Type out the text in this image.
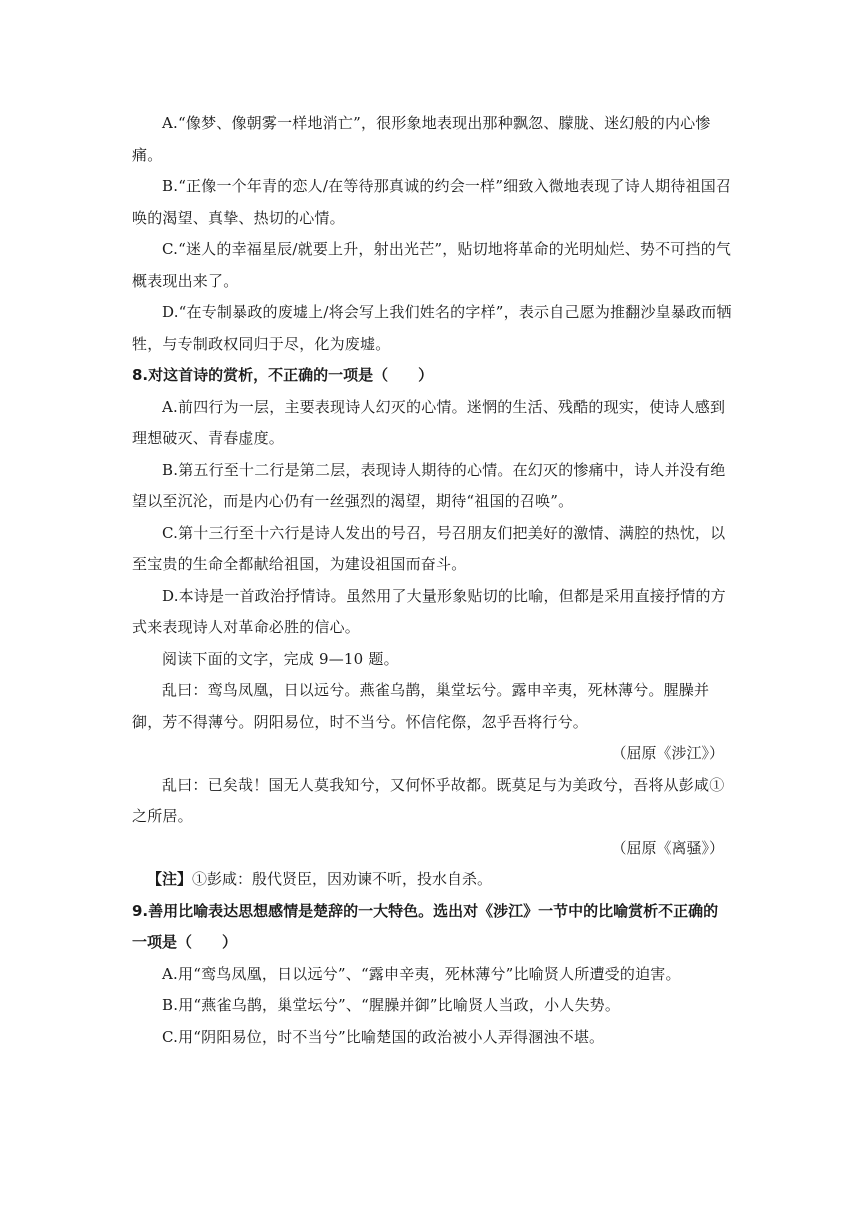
A.“像梦、像朝雾一样地消亡”，很形象地表现出那种飘忽、朦胧、迷幻般的内心惨痛。

B.“正像一个年青的恋人/在等待那真诚的约会一样”细致入微地表现了诗人期待祖国召唤的渴望、真挚、热切的心情。

C.“迷人的幸福星辰/就要上升，射出光芒”，贴切地将革命的光明灿烂、势不可挡的气概表现出来了。

D.“在专制暴政的废墟上/将会写上我们姓名的字样”，表示自己愿为推翻沙皇暴政而牺牲，与专制政权同归于尽，化为废墟。

8.对这首诗的赏析，不正确的一项是（　　）

A.前四行为一层，主要表现诗人幻灭的心情。迷惘的生活、残酷的现实，使诗人感到理想破灭、青春虚度。

B.第五行至十二行是第二层，表现诗人期待的心情。在幻灭的惨痛中，诗人并没有绝望以至沉沦，而是内心仍有一丝强烈的渴望，期待“祖国的召唤”。

C.第十三行至十六行是诗人发出的号召，号召朋友们把美好的激情、满腔的热忱，以至宝贵的生命全都献给祖国，为建设祖国而奋斗。

D.本诗是一首政治抒情诗。虽然用了大量形象贴切的比喻，但都是采用直接抒情的方式来表现诗人对革命必胜的信心。

阅读下面的文字，完成 9—10 题。

乱曰：鸾鸟凤凰，日以远兮。燕雀乌鹊，巢堂坛兮。露申辛夷，死林薄兮。腥臊并御，芳不得薄兮。阴阳易位，时不当兮。怀信侘傺，忽乎吾将行兮。

（屈原《涉江》）

乱曰：已矣哉！国无人莫我知兮，又何怀乎故都。既莫足与为美政兮，吾将从彭咸①之所居。

（屈原《离骚》）

【注】①彭咸：殷代贤臣，因劝谏不听，投水自杀。

9.善用比喻表达思想感情是楚辞的一大特色。选出对《涉江》一节中的比喻赏析不正确的一项是（　　）

A.用“鸾鸟凤凰，日以远兮”、“露申辛夷，死林薄兮”比喻贤人所遭受的迫害。

B.用“燕雀乌鹊，巢堂坛兮”、“腥臊并御”比喻贤人当政，小人失势。

C.用“阴阳易位，时不当兮”比喻楚国的政治被小人弄得溷浊不堪。
